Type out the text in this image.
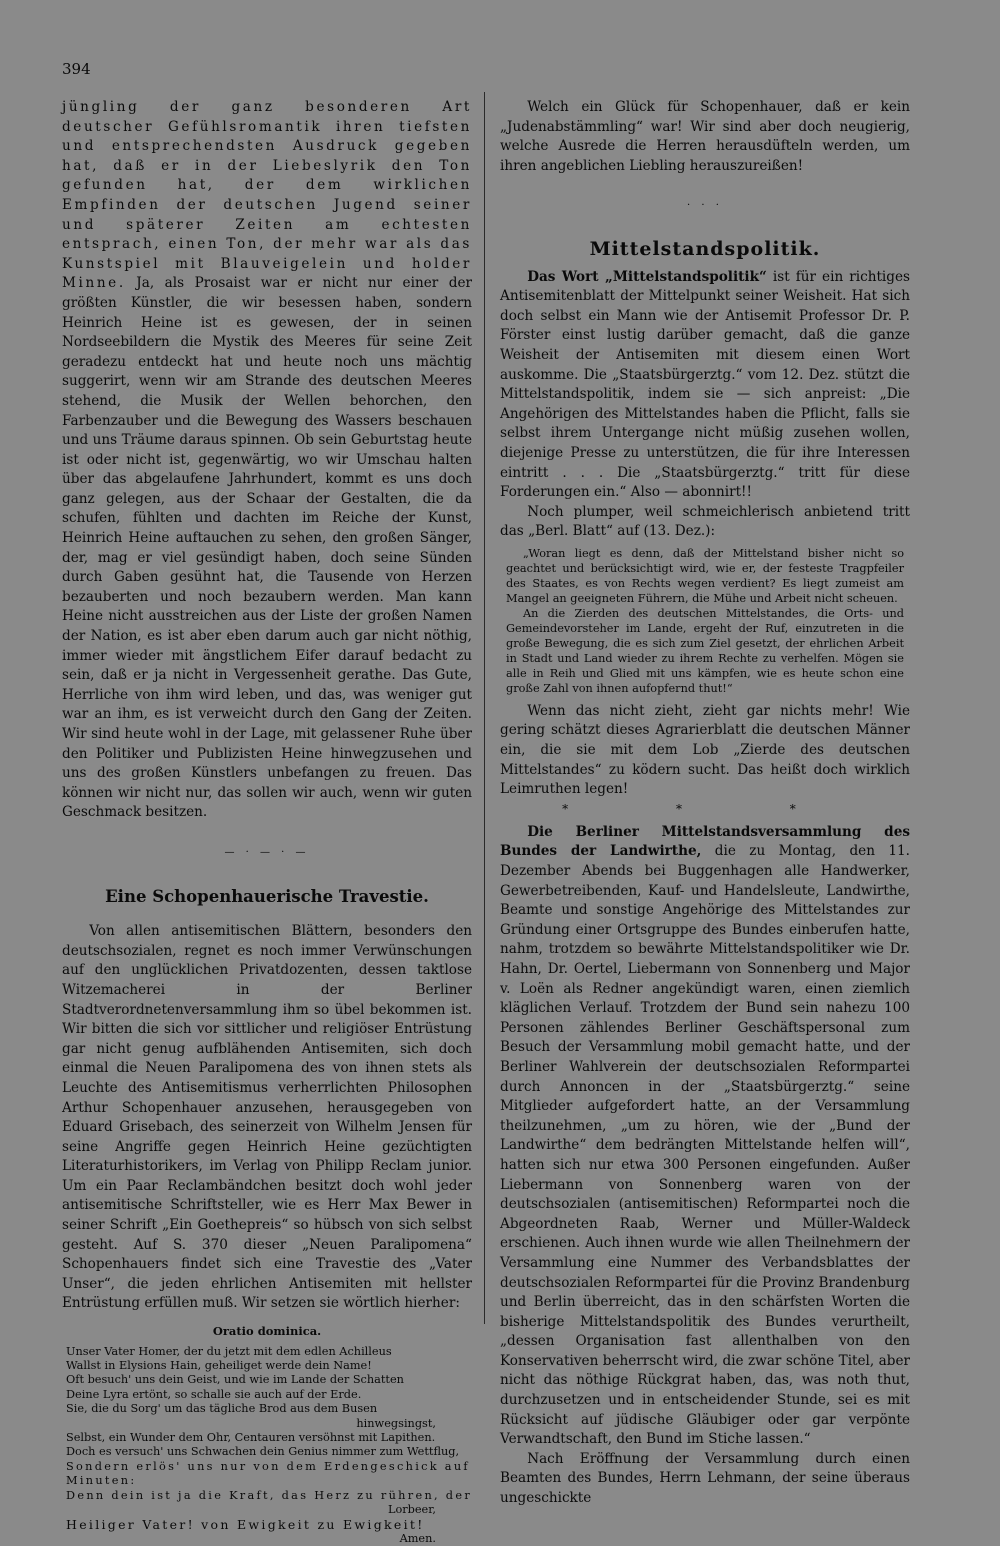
394

jüngling der ganz besonderen Art deutscher Gefühlsromantik ihren tiefsten und entsprechendsten Ausdruck gegeben hat, daß er in der Liebeslyrik den Ton gefunden hat, der dem wirklichen Empfinden der deutschen Jugend seiner und späterer Zeiten am echtesten entsprach, einen Ton, der mehr war als das Kunstspiel mit Blauveigelein und holder Minne. Ja, als Prosaist war er nicht nur einer der größten Künstler, die wir besessen haben, sondern Heinrich Heine ist es gewesen, der in seinen Nordseebildern die Mystik des Meeres für seine Zeit geradezu entdeckt hat und heute noch uns mächtig suggerirt, wenn wir am Strande des deutschen Meeres stehend, die Musik der Wellen behorchen, den Farbenzauber und die Bewegung des Wassers beschauen und uns Träume daraus spinnen. Ob sein Geburtstag heute ist oder nicht ist, gegenwärtig, wo wir Umschau halten über das abgelaufene Jahrhundert, kommt es uns doch ganz gelegen, aus der Schaar der Gestalten, die da schufen, fühlten und dachten im Reiche der Kunst, Heinrich Heine auftauchen zu sehen, den großen Sänger, der, mag er viel gesündigt haben, doch seine Sünden durch Gaben gesühnt hat, die Tausende von Herzen bezauberten und noch bezaubern werden. Man kann Heine nicht ausstreichen aus der Liste der großen Namen der Nation, es ist aber eben darum auch gar nicht nöthig, immer wieder mit ängstlichem Eifer darauf bedacht zu sein, daß er ja nicht in Vergessenheit gerathe. Das Gute, Herrliche von ihm wird leben, und das, was weniger gut war an ihm, es ist verweicht durch den Gang der Zeiten. Wir sind heute wohl in der Lage, mit gelassener Ruhe über den Politiker und Publizisten Heine hinwegzusehen und uns des großen Künstlers unbefangen zu freuen. Das können wir nicht nur, das sollen wir auch, wenn wir guten Geschmack besitzen.

— · — · —
Eine Schopenhauerische Travestie.

Von allen antisemitischen Blättern, besonders den deutschsozialen, regnet es noch immer Verwünschungen auf den unglücklichen Privatdozenten, dessen taktlose Witzemacherei in der Berliner Stadtverordnetenversammlung ihm so übel bekommen ist. Wir bitten die sich vor sittlicher und religiöser Entrüstung gar nicht genug aufblähenden Antisemiten, sich doch einmal die Neuen Paralipomena des von ihnen stets als Leuchte des Antisemitismus verherrlichten Philosophen Arthur Schopenhauer anzusehen, herausgegeben von Eduard Grisebach, des seinerzeit von Wilhelm Jensen für seine Angriffe gegen Heinrich Heine gezüchtigten Literaturhistorikers, im Verlag von Philipp Reclam junior. Um ein Paar Reclambändchen besitzt doch wohl jeder antisemitische Schriftsteller, wie es Herr Max Bewer in seiner Schrift „Ein Goethepreis“ so hübsch von sich selbst gesteht. Auf S. 370 dieser „Neuen Paralipomena“ Schopenhauers findet sich eine Travestie des „Vater Unser“, die jeden ehrlichen Antisemiten mit hellster Entrüstung erfüllen muß. Wir setzen sie wörtlich hierher:

Oratio dominica.
Unser Vater Homer, der du jetzt mit dem edlen Achilleus
Wallst in Elysions Hain, geheiliget werde dein Name!
Oft besuch' uns dein Geist, und wie im Lande der Schatten
Deine Lyra ertönt, so schalle sie auch auf der Erde.
Sie, die du Sorg' um das tägliche Brod aus dem Busen
hinwegsingst,
Selbst, ein Wunder dem Ohr, Centauren versöhnst mit Lapithen.
Doch es versuch' uns Schwachen dein Genius nimmer zum Wettflug,
Sondern erlös' uns nur von dem Erdengeschick auf Minuten:
Denn dein ist ja die Kraft, das Herz zu rühren, der
Lorbeer,
Heiliger Vater! von Ewigkeit zu Ewigkeit!
Amen.

Welch ein Glück für Schopenhauer, daß er kein „Judenabstämmling“ war! Wir sind aber doch neugierig, welche Ausrede die Herren herausdüfteln werden, um ihren angeblichen Liebling herauszureißen!

· · ·
Mittelstandspolitik.

Das Wort „Mittelstandspolitik“ ist für ein richtiges Antisemitenblatt der Mittelpunkt seiner Weisheit. Hat sich doch selbst ein Mann wie der Antisemit Professor Dr. P. Förster einst lustig darüber gemacht, daß die ganze Weisheit der Antisemiten mit diesem einen Wort auskomme. Die „Staatsbürgerztg.“ vom 12. Dez. stützt die Mittelstandspolitik, indem sie — sich anpreist: „Die Angehörigen des Mittelstandes haben die Pflicht, falls sie selbst ihrem Untergange nicht müßig zusehen wollen, diejenige Presse zu unterstützen, die für ihre Interessen eintritt . . . Die „Staatsbürgerztg.“ tritt für diese Forderungen ein.“ Also — abonnirt!!

Noch plumper, weil schmeichlerisch anbietend tritt das „Berl. Blatt“ auf (13. Dez.):

„Woran liegt es denn, daß der Mittelstand bisher nicht so geachtet und berücksichtigt wird, wie er, der festeste Tragpfeiler des Staates, es von Rechts wegen verdient? Es liegt zumeist am Mangel an geeigneten Führern, die Mühe und Arbeit nicht scheuen.

An die Zierden des deutschen Mittelstandes, die Orts- und Gemeindevorsteher im Lande, ergeht der Ruf, einzutreten in die große Bewegung, die es sich zum Ziel gesetzt, der ehrlichen Arbeit in Stadt und Land wieder zu ihrem Rechte zu verhelfen. Mögen sie alle in Reih und Glied mit uns kämpfen, wie es heute schon eine große Zahl von ihnen aufopfernd thut!“

Wenn das nicht zieht, zieht gar nichts mehr! Wie gering schätzt dieses Agrarierblatt die deutschen Männer ein, die sie mit dem Lob „Zierde des deutschen Mittelstandes“ zu ködern sucht. Das heißt doch wirklich Leimruthen legen!

* * *

Die Berliner Mittelstandsversammlung des Bundes der Landwirthe, die zu Montag, den 11. Dezember Abends bei Buggenhagen alle Handwerker, Gewerbetreibenden, Kauf- und Handelsleute, Landwirthe, Beamte und sonstige Angehörige des Mittelstandes zur Gründung einer Ortsgruppe des Bundes einberufen hatte, nahm, trotzdem so bewährte Mittelstandspolitiker wie Dr. Hahn, Dr. Oertel, Liebermann von Sonnenberg und Major v. Loën als Redner angekündigt waren, einen ziemlich kläglichen Verlauf. Trotzdem der Bund sein nahezu 100 Personen zählendes Berliner Geschäftspersonal zum Besuch der Versammlung mobil gemacht hatte, und der Berliner Wahlverein der deutschsozialen Reformpartei durch Annoncen in der „Staatsbürgerztg.“ seine Mitglieder aufgefordert hatte, an der Versammlung theilzunehmen, „um zu hören, wie der „Bund der Landwirthe“ dem bedrängten Mittelstande helfen will“, hatten sich nur etwa 300 Personen eingefunden. Außer Liebermann von Sonnenberg waren von der deutschsozialen (antisemitischen) Reformpartei noch die Abgeordneten Raab, Werner und Müller-Waldeck erschienen. Auch ihnen wurde wie allen Theilnehmern der Versammlung eine Nummer des Verbandsblattes der deutschsozialen Reformpartei für die Provinz Brandenburg und Berlin überreicht, das in den schärfsten Worten die bisherige Mittelstandspolitik des Bundes verurtheilt, „dessen Organisation fast allenthalben von den Konservativen beherrscht wird, die zwar schöne Titel, aber nicht das nöthige Rückgrat haben, das, was noth thut, durchzusetzen und in entscheidender Stunde, sei es mit Rücksicht auf jüdische Gläubiger oder gar verpönte Verwandtschaft, den Bund im Stiche lassen.“

Nach Eröffnung der Versammlung durch einen Beamten des Bundes, Herrn Lehmann, der seine überaus ungeschickte
